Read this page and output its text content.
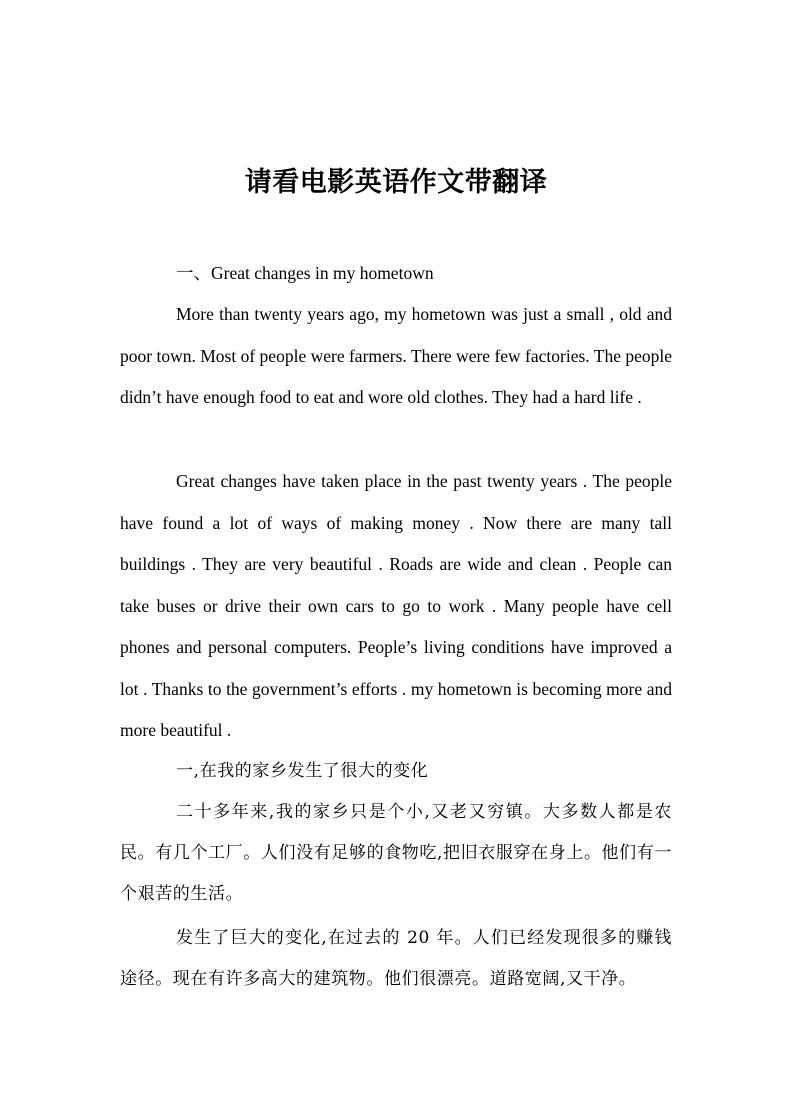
请看电影英语作文带翻译

一、Great changes in my hometown

More than twenty years ago, my hometown was just a small , old and poor town. Most of people were farmers. There were few factories. The people didn’t have enough food to eat and wore old clothes. They had a hard life .

Great changes have taken place in the past twenty years . The people have found a lot of ways of making money . Now there are many tall buildings . They are very beautiful . Roads are wide and clean . People can take buses or drive their own cars to go to work . Many people have cell phones and personal computers. People’s living conditions have improved a lot . Thanks to the government’s efforts . my hometown is becoming more and more beautiful .

一,在我的家乡发生了很大的变化

二十多年来,我的家乡只是个小,又老又穷镇。大多数人都是农民。有几个工厂。人们没有足够的食物吃,把旧衣服穿在身上。他们有一个艰苦的生活。

发生了巨大的变化,在过去的 20 年。人们已经发现很多的赚钱途径。现在有许多高大的建筑物。他们很漂亮。道路宽阔,又干净。
